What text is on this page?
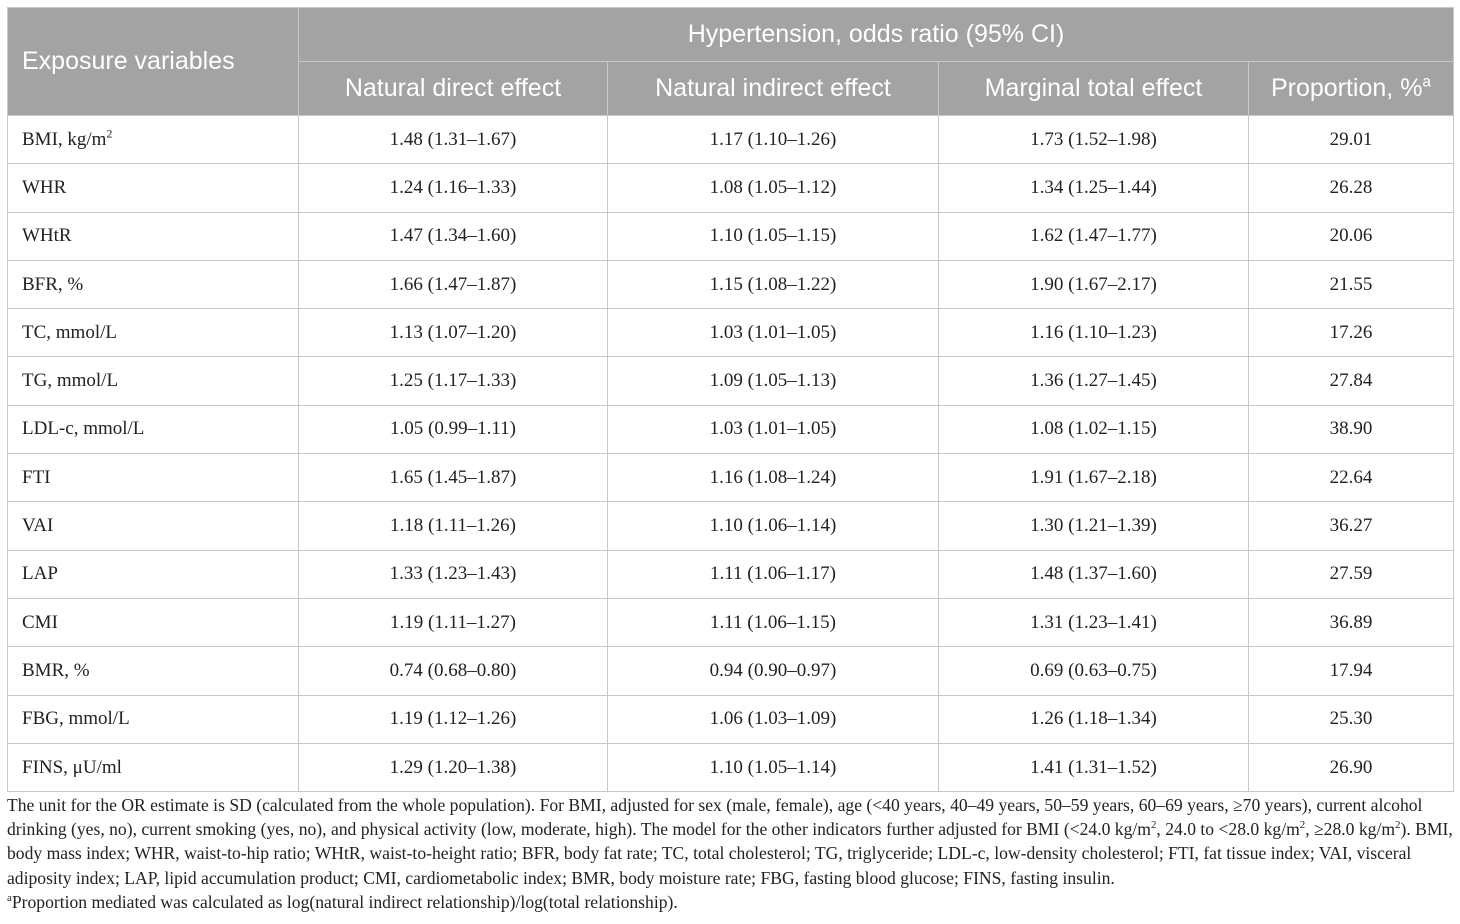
Exposure variables	Hypertension, odds ratio (95% CI)			
	Natural direct effect	Natural indirect effect	Marginal total effect	Proportion, %$^a$
BMI, $kg/m^2$	1.48 (1.31–1.67)	1.17 (1.10–1.26)	1.73 (1.52–1.98)	29.01
WHR	1.24 (1.16–1.33)	1.08 (1.05–1.12)	1.34 (1.25–1.44)	26.28
WHtR	1.47 (1.34–1.60)	1.10 (1.05–1.15)	1.62 (1.47–1.77)	20.06
BFR, %	1.66 (1.47–1.87)	1.15 (1.08–1.22)	1.90 (1.67–2.17)	21.55
TC, mmol/L	1.13 (1.07–1.20)	1.03 (1.01–1.05)	1.16 (1.10–1.23)	17.26
TG, mmol/L	1.25 (1.17–1.33)	1.09 (1.05–1.13)	1.36 (1.27–1.45)	27.84
LDL-c, mmol/L	1.05 (0.99–1.11)	1.03 (1.01–1.05)	1.08 (1.02–1.15)	38.90
FTI	1.65 (1.45–1.87)	1.16 (1.08–1.24)	1.91 (1.67–2.18)	22.64
VAI	1.18 (1.11–1.26)	1.10 (1.06–1.14)	1.30 (1.21–1.39)	36.27
LAP	1.33 (1.23–1.43)	1.11 (1.06–1.17)	1.48 (1.37–1.60)	27.59
CMI	1.19 (1.11–1.27)	1.11 (1.06–1.15)	1.31 (1.23–1.41)	36.89
BMR, %	0.74 (0.68–0.80)	0.94 (0.90–0.97)	0.69 (0.63–0.75)	17.94
FBG, mmol/L	1.19 (1.12–1.26)	1.06 (1.03–1.09)	1.26 (1.18–1.34)	25.30
FINS, μU/ml	1.29 (1.20–1.38)	1.10 (1.05–1.14)	1.41 (1.31–1.52)	26.90

The unit for the OR estimate is SD (calculated from the whole population). For BMI, adjusted for sex (male, female), age (<40 years, 40–49 years, 50–59 years, 60–69 years, ≥70 years), current alcohol drinking (yes, no), current smoking (yes, no), and physical activity (low, moderate, high). The model for the other indicators further adjusted for BMI (<24.0 $kg/m^2$, 24.0 to <28.0 $kg/m^2$, ≥28.0 $kg/m^2$). BMI, body mass index; WHR, waist-to-hip ratio; WHtR, waist-to-height ratio; BFR, body fat rate; TC, total cholesterol; TG, triglyceride; LDL-c, low-density cholesterol; FTI, fat tissue index; VAI, visceral adiposity index; LAP, lipid accumulation product; CMI, cardiometabolic index; BMR, body moisture rate; FBG, fasting blood glucose; FINS, fasting insulin.

$^a$Proportion mediated was calculated as log(natural indirect relationship)/log(total relationship).
